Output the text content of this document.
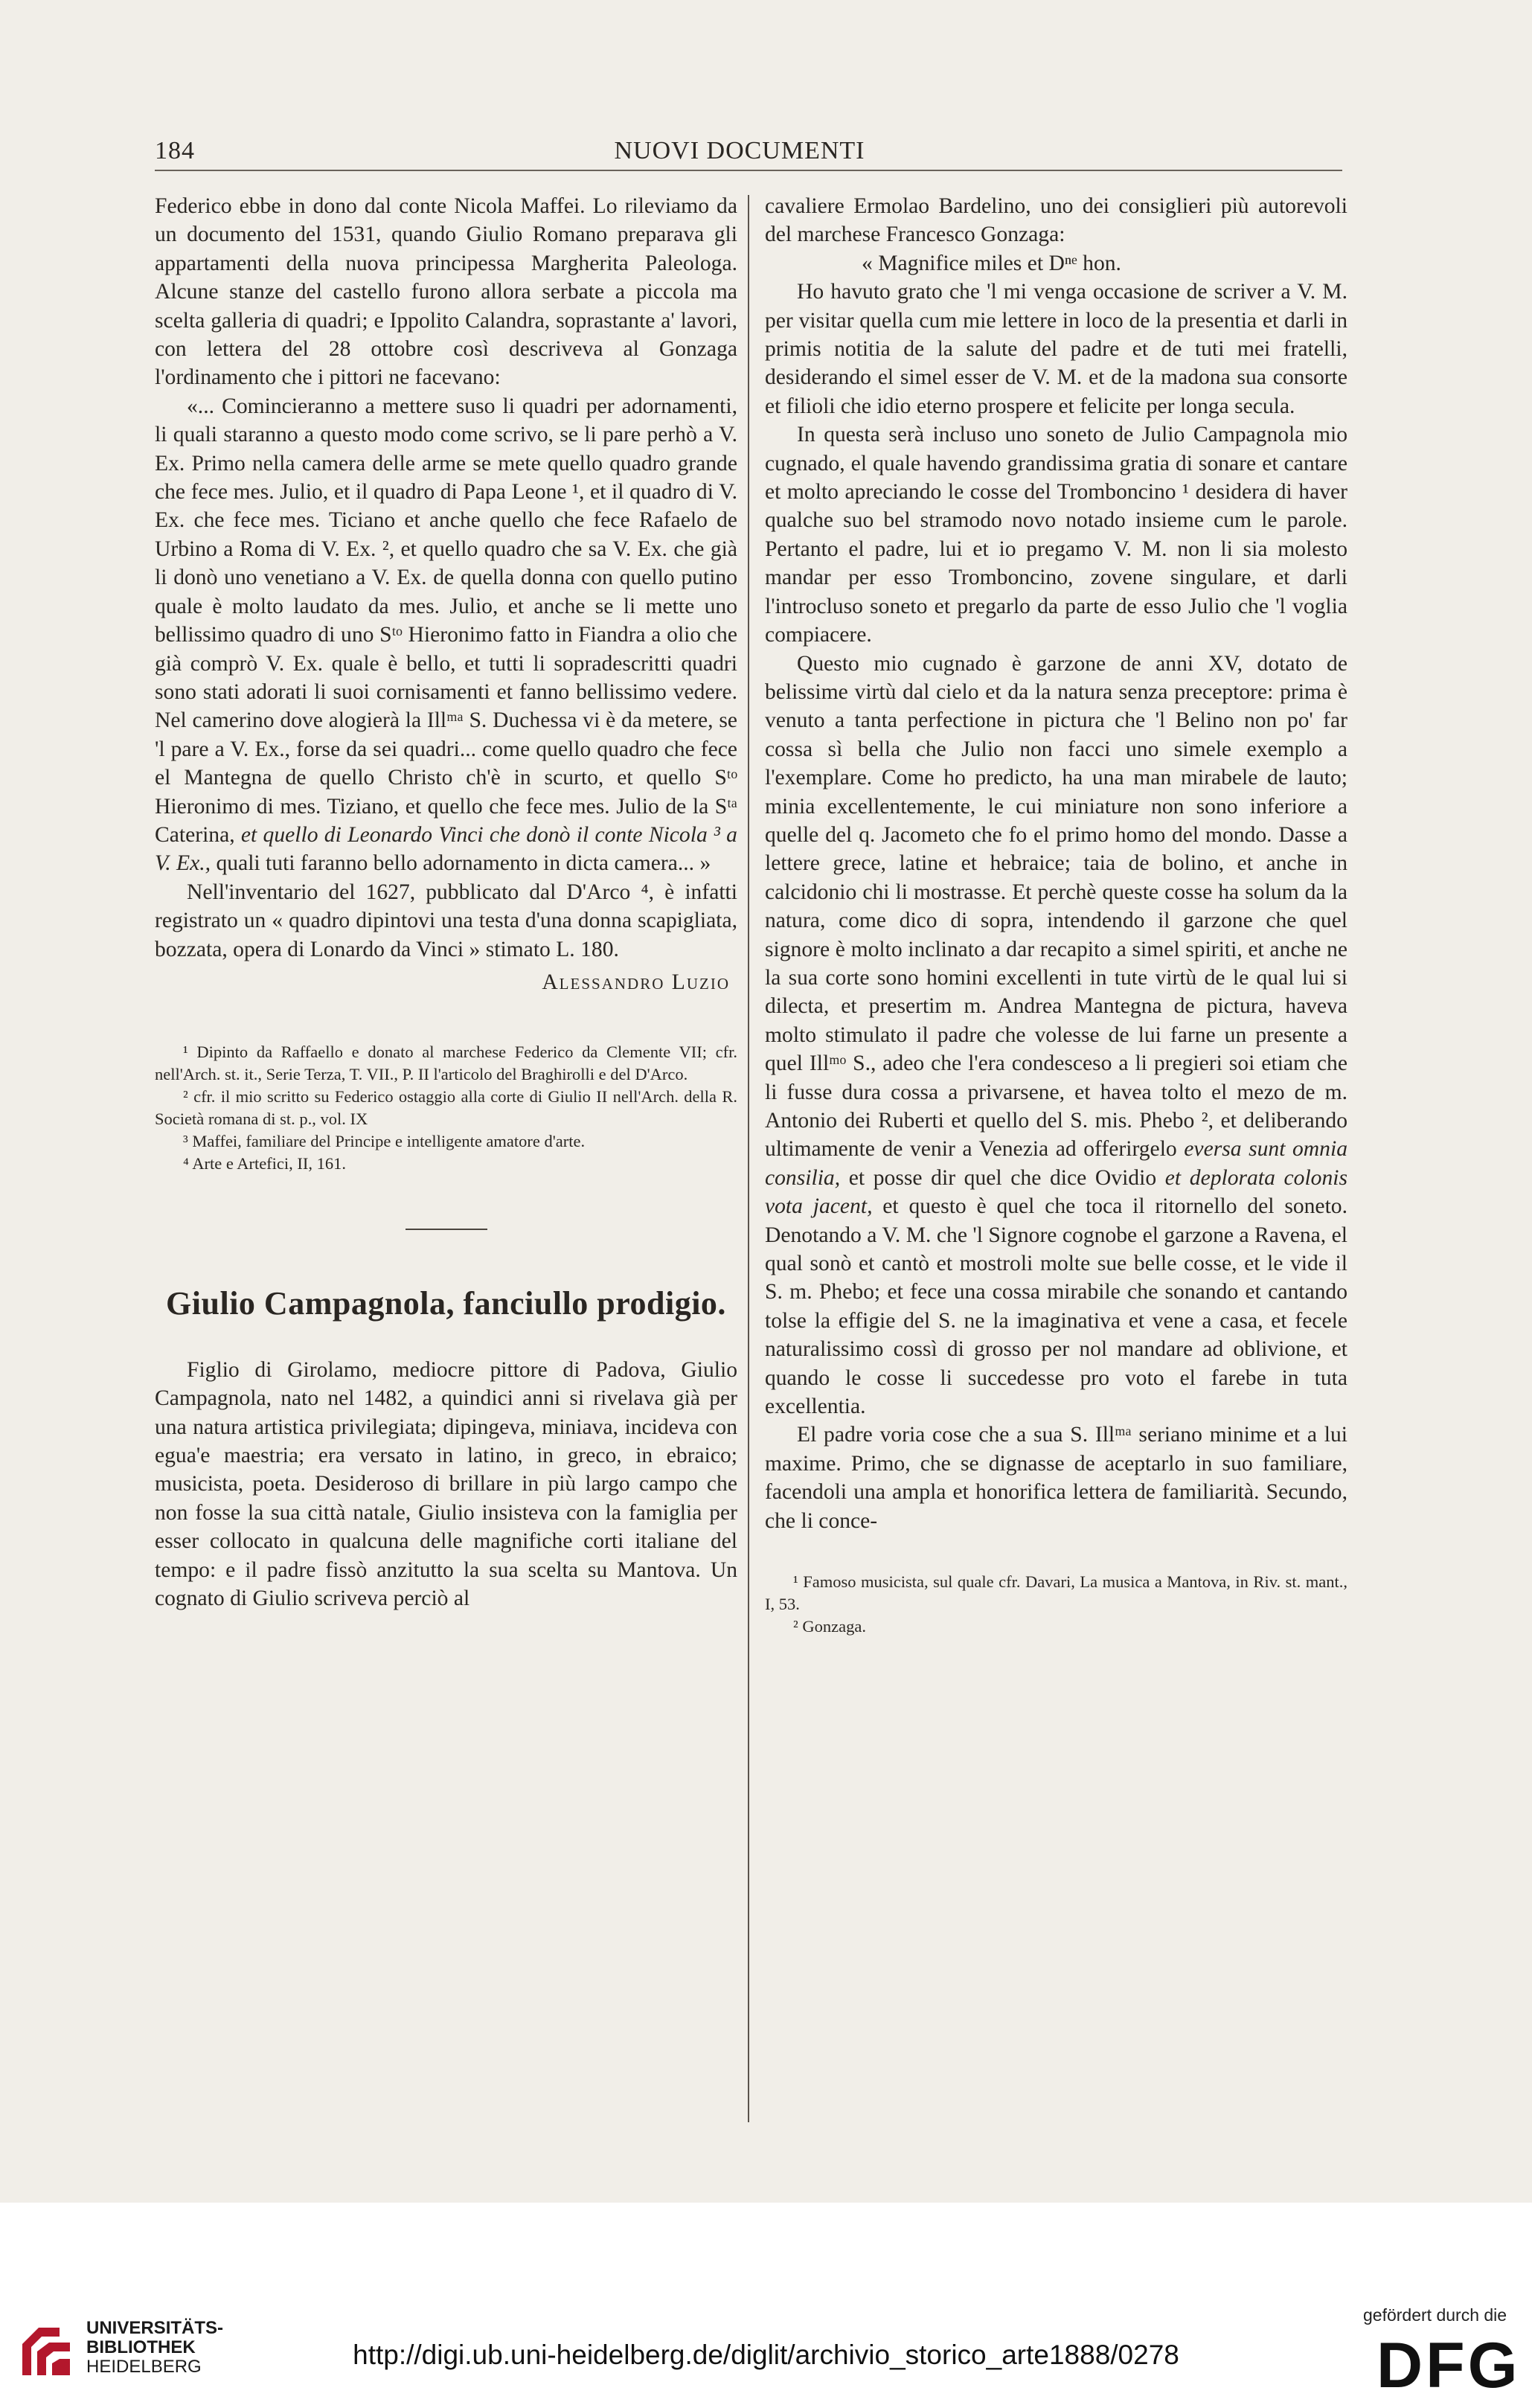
184	NUOVI DOCUMENTI

Federico ebbe in dono dal conte Nicola Maffei. Lo rileviamo da un documento del 1531, quando Giulio Romano preparava gli appartamenti della nuova principessa Margherita Paleologa. Alcune stanze del castello furono allora serbate a piccola ma scelta galleria di quadri; e Ippolito Calandra, soprastante a' lavori, con lettera del 28 ottobre così descriveva al Gonzaga l'ordinamento che i pittori ne facevano:

«... Comincieranno a mettere suso li quadri per adornamenti, li quali staranno a questo modo come scrivo, se li pare perhò a V. Ex. Primo nella camera delle arme se mete quello quadro grande che fece mes. Julio, et il quadro di Papa Leone ¹, et il quadro di V. Ex. che fece mes. Ticiano et anche quello che fece Rafaelo de Urbino a Roma di V. Ex. ², et quello quadro che sa V. Ex. che già li donò uno venetiano a V. Ex. de quella donna con quello putino quale è molto laudato da mes. Julio, et anche se li mette uno bellissimo quadro di uno Sᵗᵒ Hieronimo fatto in Fiandra a olio che già comprò V. Ex. quale è bello, et tutti li sopradescritti quadri sono stati adorati li suoi cornisamenti et fanno bellissimo vedere. Nel camerino dove alogierà la Illᵐᵃ S. Duchessa vi è da metere, se 'l pare a V. Ex., forse da sei quadri... come quello quadro che fece el Mantegna de quello Christo ch'è in scurto, et quello Sᵗᵒ Hieronimo di mes. Tiziano, et quello che fece mes. Julio de la Sᵗᵃ Caterina, et quello di Leonardo Vinci che donò il conte Nicola ³ a V. Ex., quali tuti faranno bello adornamento in dicta camera... »

Nell'inventario del 1627, pubblicato dal D'Arco ⁴, è infatti registrato un « quadro dipintovi una testa d'una donna scapigliata, bozzata, opera di Lonardo da Vinci » stimato L. 180.

Alessandro Luzio

¹ Dipinto da Raffaello e donato al marchese Federico da Clemente VII; cfr. nell'Arch. st. it., Serie Terza, T. VII., P. II l'articolo del Braghirolli e del D'Arco.

² cfr. il mio scritto su Federico ostaggio alla corte di Giulio II nell'Arch. della R. Società romana di st. p., vol. IX

³ Maffei, familiare del Principe e intelligente amatore d'arte.

⁴ Arte e Artefici, II, 161.

Giulio Campagnola, fanciullo prodigio.

Figlio di Girolamo, mediocre pittore di Padova, Giulio Campagnola, nato nel 1482, a quindici anni si rivelava già per una natura artistica privilegiata; dipingeva, miniava, incideva con egua'e maestria; era versato in latino, in greco, in ebraico; musicista, poeta. Desideroso di brillare in più largo campo che non fosse la sua città natale, Giulio insisteva con la famiglia per esser collocato in qualcuna delle magnifiche corti italiane del tempo: e il padre fissò anzitutto la sua scelta su Mantova. Un cognato di Giulio scriveva perciò al

cavaliere Ermolao Bardelino, uno dei consiglieri più autorevoli del marchese Francesco Gonzaga:

« Magnifice miles et Dⁿᵉ hon.

Ho havuto grato che 'l mi venga occasione de scriver a V. M. per visitar quella cum mie lettere in loco de la presentia et darli in primis notitia de la salute del padre et de tuti mei fratelli, desiderando el simel esser de V. M. et de la madona sua consorte et filioli che idio eterno prospere et felicite per longa secula.

In questa serà incluso uno soneto de Julio Campagnola mio cugnado, el quale havendo grandissima gratia di sonare et cantare et molto apreciando le cosse del Tromboncino ¹ desidera di haver qualche suo bel stramodo novo notado insieme cum le parole. Pertanto el padre, lui et io pregamo V. M. non li sia molesto mandar per esso Tromboncino, zovene singulare, et darli l'introcluso soneto et pregarlo da parte de esso Julio che 'l voglia compiacere.

Questo mio cugnado è garzone de anni XV, dotato de belissime virtù dal cielo et da la natura senza preceptore: prima è venuto a tanta perfectione in pictura che 'l Belino non po' far cossa sì bella che Julio non facci uno simele exemplo a l'exemplare. Come ho predicto, ha una man mirabele de lauto; minia excellentemente, le cui miniature non sono inferiore a quelle del q. Jacometo che fo el primo homo del mondo. Dasse a lettere grece, latine et hebraice; taia de bolino, et anche in calcidonio chi li mostrasse. Et perchè queste cosse ha solum da la natura, come dico di sopra, intendendo il garzone che quel signore è molto inclinato a dar recapito a simel spiriti, et anche ne la sua corte sono homini excellenti in tute virtù de le qual lui si dilecta, et presertim m. Andrea Mantegna de pictura, haveva molto stimulato il padre che volesse de lui farne un presente a quel Illᵐᵒ S., adeo che l'era condesceso a li pregieri soi etiam che li fusse dura cossa a privarsene, et havea tolto el mezo de m. Antonio dei Ruberti et quello del S. mis. Phebo ², et deliberando ultimamente de venir a Venezia ad offerirgelo eversa sunt omnia consilia, et posse dir quel che dice Ovidio et deplorata colonis vota jacent, et questo è quel che toca il ritornello del soneto. Denotando a V. M. che 'l Signore cognobe el garzone a Ravena, el qual sonò et cantò et mostroli molte sue belle cosse, et le vide il S. m. Phebo; et fece una cossa mirabile che sonando et cantando tolse la effigie del S. ne la imaginativa et vene a casa, et fecele naturalissimo cossì di grosso per nol mandare ad oblivione, et quando le cosse li succedesse pro voto el farebe in tuta excellentia.

El padre voria cose che a sua S. Illᵐᵃ seriano minime et a lui maxime. Primo, che se dignasse de aceptarlo in suo familiare, facendoli una ampla et honorifica lettera de familiarità. Secundo, che li conce-

¹ Famoso musicista, sul quale cfr. Davari, La musica a Mantova, in Riv. st. mant., I, 53.

² Gonzaga.

UNIVERSITÄTS-
BIBLIOTHEK
HEIDELBERG	http://digi.ub.uni-heidelberg.de/diglit/archivio_storico_arte1888/0278
gefördert durch die
DFG
